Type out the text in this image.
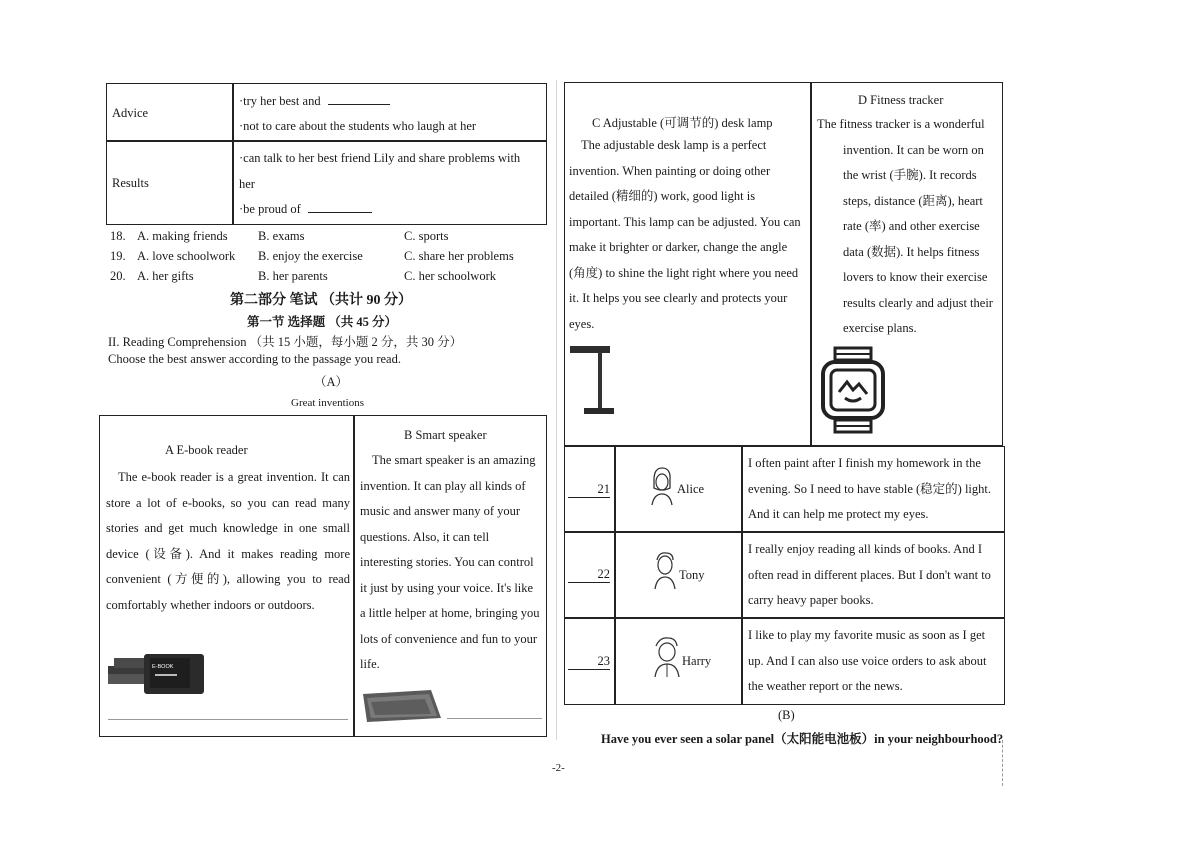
Advice
·try her best and
·not to care about the students who laugh at her
Results
·can talk to her best friend Lily and share problems with
her
·be proud of
18. A. making friends B. exams	C. sports
19. A. love schoolwork B. enjoy the exercise	C. share her problems
20. A. her gifts	B. her parents	C. her schoolwork
第二部分 笔试 （共计 90 分）
第一节 选择题 （共 45 分）
II. Reading Comprehension （共 15 小题，每小题 2 分，共 30 分）
Choose the best answer according to the passage you read.
（A）
Great inventions
A E-book reader
The e-book reader is a great invention. It can store a lot of e-books, so you can read many stories and get much knowledge in one small device (设备). And it makes reading more convenient (方便的), allowing you to read comfortably whether indoors or outdoors.
E-BOOK
B Smart speaker
The smart speaker is an amazing invention. It can play all kinds of music and answer many of your questions. Also, it can tell interesting stories. You can control it just by using your voice. It's like a little helper at home, bringing you lots of convenience and fun to your life.
C Adjustable (可调节的) desk lamp
The adjustable desk lamp is a perfect invention. When painting or doing other detailed (精细的) work, good light is important. This lamp can be adjusted. You can make it brighter or darker, change the angle (角度) to shine the light right where you need it. It helps you see clearly and protects your eyes.
D Fitness tracker
The fitness tracker is a wonderful invention. It can be worn on the wrist (手腕). It records steps, distance (距离), heart rate (率) and other exercise data (数据). It helps fitness lovers to know their exercise results clearly and adjust their exercise plans.
21	Alice
I often paint after I finish my homework in the evening. So I need to have stable (稳定的) light. And it can help me protect my eyes.
22	Tony
I really enjoy reading all kinds of books. And I often read in different places. But I don't want to carry heavy paper books.
23	Harry
I like to play my favorite music as soon as I get up. And I can also use voice orders to ask about the weather report or the news.
(B)
Have you ever seen a solar panel（太阳能电池板）in your neighbourhood?
-2-
